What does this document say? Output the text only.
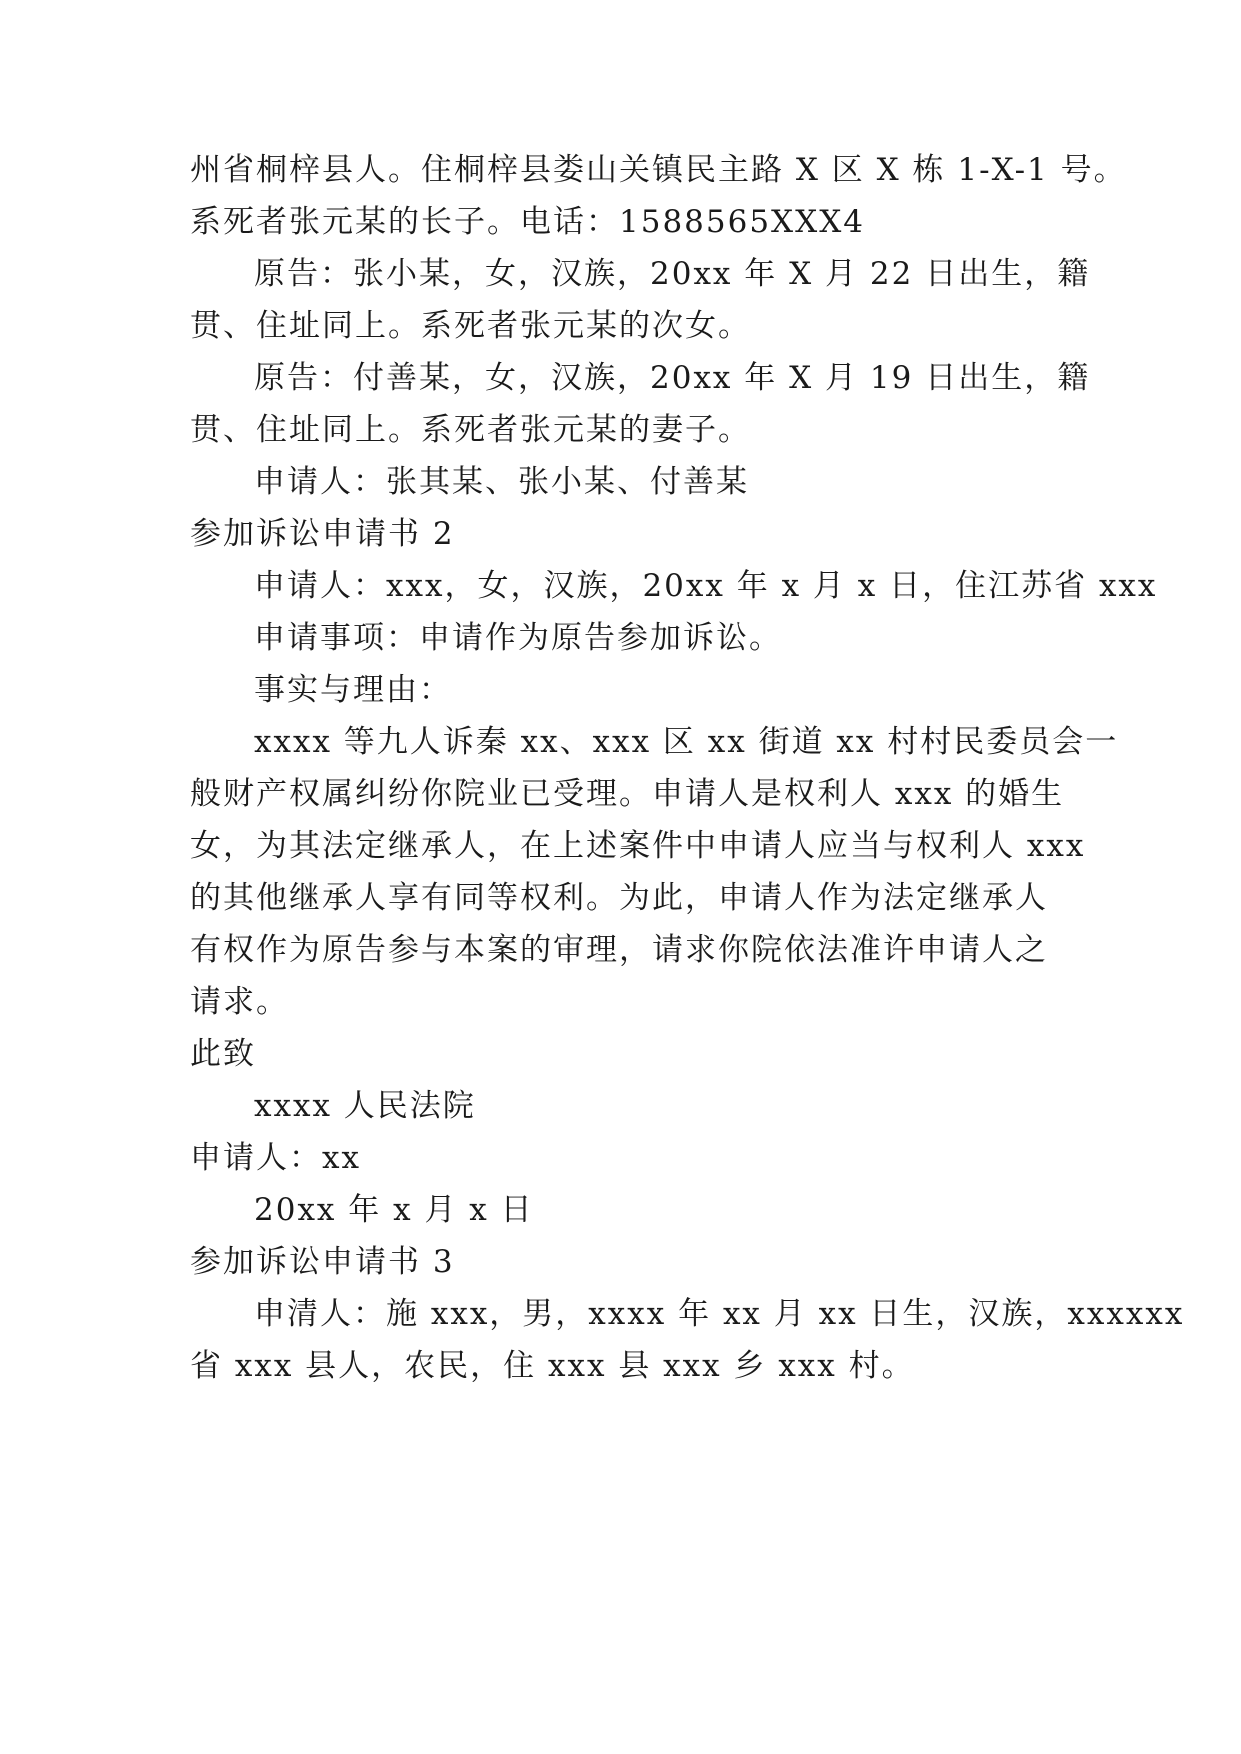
州省桐梓县人。住桐梓县娄山关镇民主路 X 区 X 栋 1-X-1 号。
系死者张元某的长子。电话：1588565XXX4
原告：张小某，女，汉族，20xx 年 X 月 22 日出生，籍
贯、住址同上。系死者张元某的次女。
原告：付善某，女，汉族，20xx 年 X 月 19 日出生，籍
贯、住址同上。系死者张元某的妻子。
申请人：张其某、张小某、付善某
参加诉讼申请书 2
申请人：xxx，女，汉族，20xx 年 x 月 x 日，住江苏省 xxx
申请事项：申请作为原告参加诉讼。
事实与理由：
xxxx 等九人诉秦 xx、xxx 区 xx 街道 xx 村村民委员会一
般财产权属纠纷你院业已受理。申请人是权利人 xxx 的婚生
女，为其法定继承人，在上述案件中申请人应当与权利人 xxx
的其他继承人享有同等权利。为此，申请人作为法定继承人
有权作为原告参与本案的审理，请求你院依法准许申请人之
请求。
此致
xxxx 人民法院
申请人：xx
20xx 年 x 月 x 日
参加诉讼申请书 3
申清人：施 xxx，男，xxxx 年 xx 月 xx 日生，汉族，xxxxxx
省 xxx 县人，农民，住 xxx 县 xxx 乡 xxx 村。
